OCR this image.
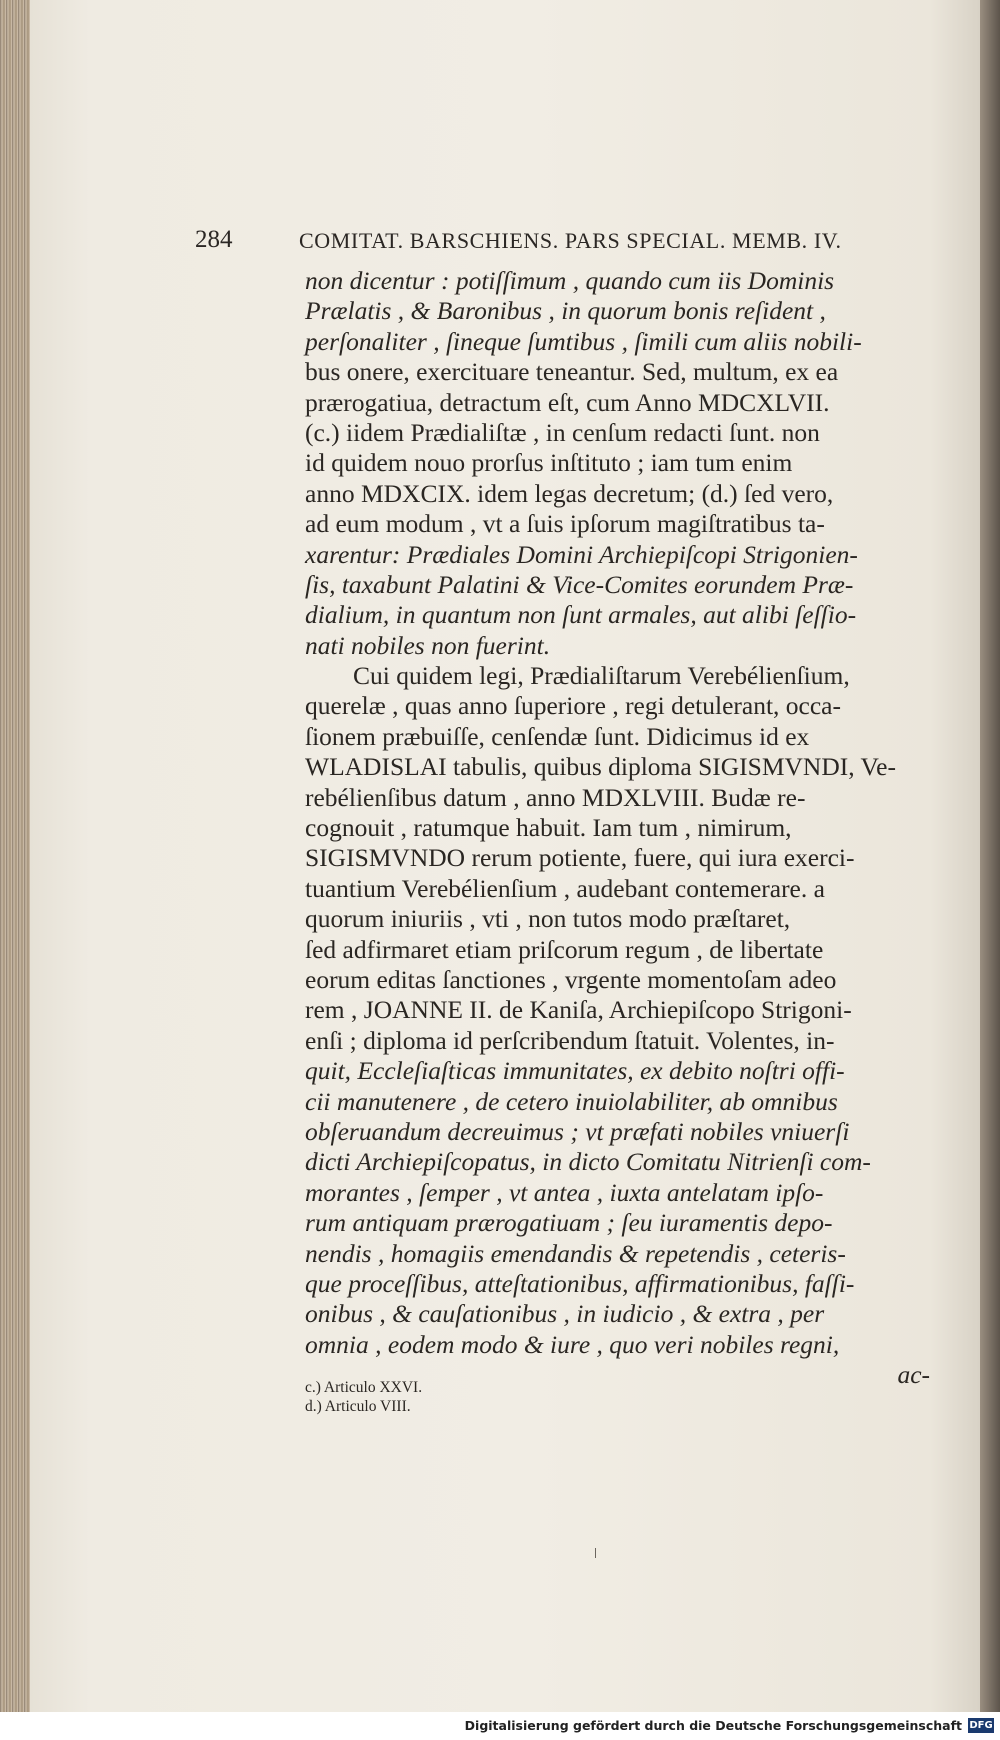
284	COMITAT. BARSCHIENS. PARS SPECIAL. MEMB. IV.
non dicentur : potiſſimum , quando cum iis Dominis
Prælatis , & Baronibus , in quorum bonis reſident ,
perſonaliter , ſineque ſumtibus , ſimili cum aliis nobili-
bus onere, exercituare teneantur. Sed, multum, ex ea
prærogatiua, detractum eſt, cum Anno MDCXLVII.
(c.) iidem Prædialiſtæ , in cenſum redacti ſunt. non
id quidem nouo prorſus inſtituto ; iam tum enim
anno MDXCIX. idem legas decretum; (d.) ſed vero,
ad eum modum , vt a ſuis ipſorum magiſtratibus ta-
xarentur: Prædiales Domini Archiepiſcopi Strigonien-
ſis, taxabunt Palatini & Vice-Comites eorundem Præ-
dialium, in quantum non ſunt armales, aut alibi ſeſſio-
nati nobiles non fuerint.
Cui quidem legi, Prædialiſtarum Verebélienſium,
querelæ , quas anno ſuperiore , regi detulerant, occa-
ſionem præbuiſſe, cenſendæ ſunt. Didicimus id ex
WLADISLAI tabulis, quibus diploma SIGISMVNDI, Ve-
rebélienſibus datum , anno MDXLVIII. Budæ re-
cognouit , ratumque habuit. Iam tum , nimirum,
SIGISMVNDO rerum potiente, fuere, qui iura exerci-
tuantium Verebélienſium , audebant contemerare. a
quorum iniuriis , vti , non tutos modo præſtaret,
ſed adfirmaret etiam priſcorum regum , de libertate
eorum editas ſanctiones , vrgente momentoſam adeo
rem , JOANNE II. de Kaniſa, Archiepiſcopo Strigoni-
enſi ; diploma id perſcribendum ſtatuit. Volentes, in-
quit, Eccleſiaſticas immunitates, ex debito noſtri offi-
cii manutenere , de cetero inuiolabiliter, ab omnibus
obſeruandum decreuimus ; vt præfati nobiles vniuerſi
dicti Archiepiſcopatus, in dicto Comitatu Nitrienſi com-
morantes , ſemper , vt antea , iuxta antelatam ipſo-
rum antiquam prærogatiuam ; ſeu iuramentis depo-
nendis , homagiis emendandis & repetendis , ceteris-
que proceſſibus, atteſtationibus, affirmationibus, faſſi-
onibus , & cauſationibus , in iudicio , & extra , per
omnia , eodem modo & iure , quo veri nobiles regni,
ac-
c.) Articulo XXVI.
d.) Articulo VIII.
Digitalisierung gefördert durch die Deutsche Forschungsgemeinschaft DFG
